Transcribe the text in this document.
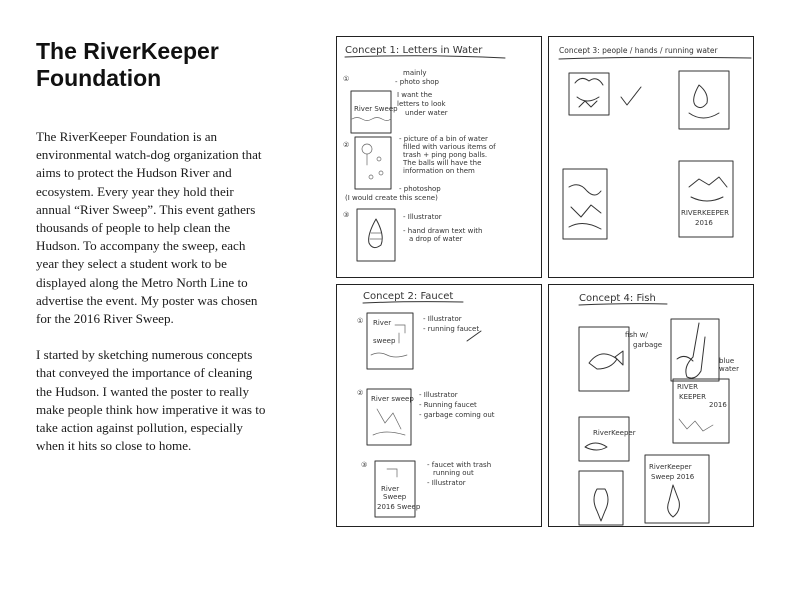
The RiverKeeper
Foundation

The RiverKeeper Foundation is an environmental watch-dog organization that aims to protect the Hudson River and ecosystem. Every year they hold their annual “River Sweep”. This event gathers thousands of people to help clean the Hudson. To accompany the sweep, each year they select a student work to be displayed along the Metro North Line to advertise the event. My poster was chosen for the 2016 River Sweep.

I started by sketching numerous concepts that conveyed the importance of cleaning the Hudson. I wanted the poster to really make people think how imperative it was to take action against pollution, especially when it hits so close to home.

Concept 1: Letters in Water
①
mainly
- photo shop
I want the
letters to look
under water
River Sweep
②
- picture of a bin of water
filled with various items of
trash + ping pong balls.
The balls will have the
information on them
- photoshop
(I would create this scene)
③	- Illustrator
- hand drawn text with
a drop of water
Concept 3: people / hands / running water
RIVERKEEPER
2016
Concept 2: Faucet
① River
sweep
- Illustrator
- running faucet
②
River sweep - Illustrator
- Running faucet
- garbage coming out
③
River
Sweep
2016 Sweep
- faucet with trash
running out
- Illustrator
Concept 4: Fish
fish w/
garbage
blue
water
RIVER
KEEPER
2016
RiverKeeper
RiverKeeper
Sweep 2016
